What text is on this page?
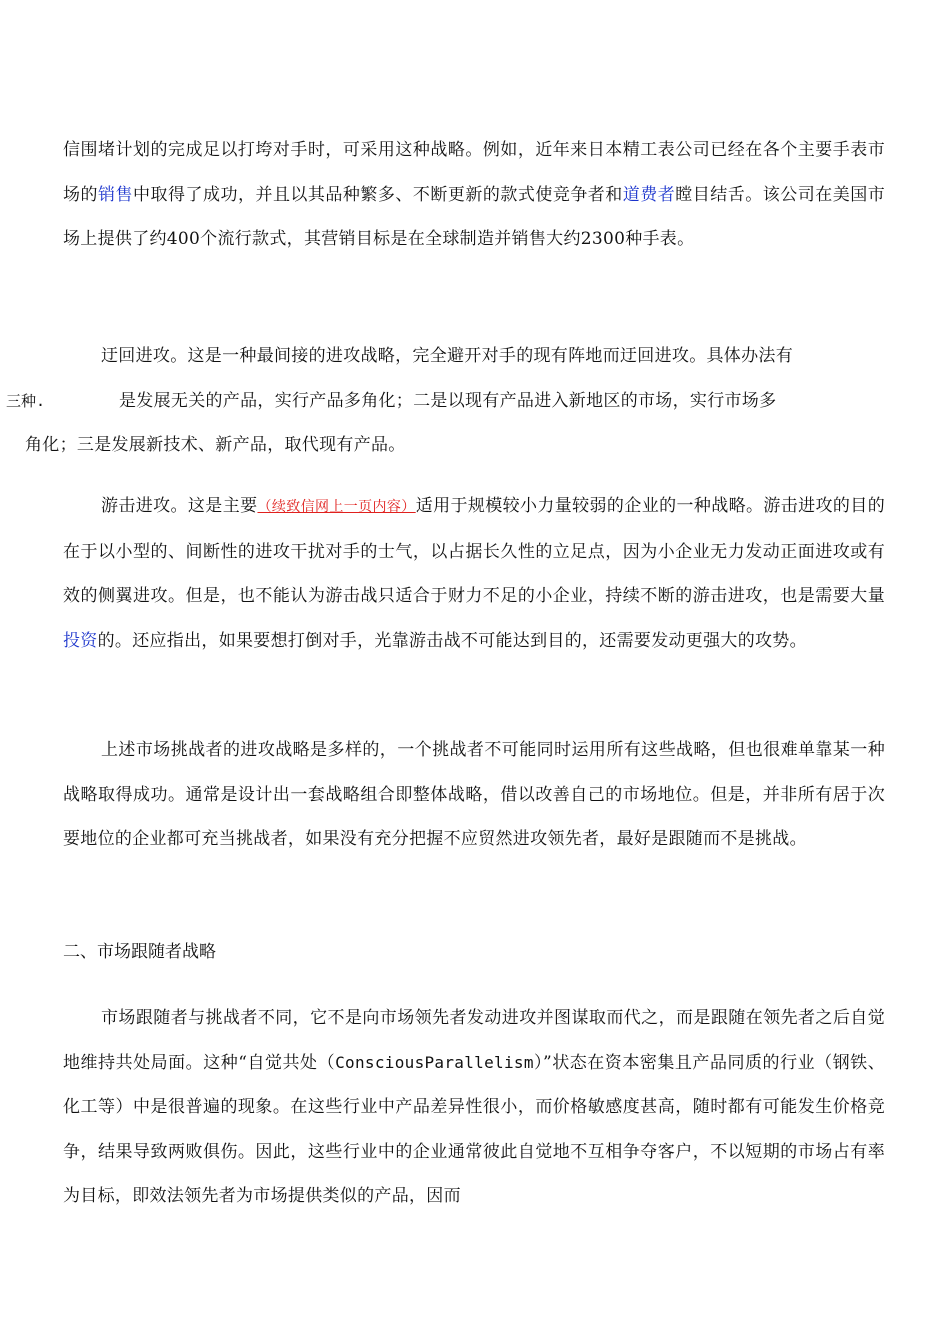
信围堵计划的完成足以打垮对手时，可采用这种战略。例如，近年来日本精工表公司已经在各个主要手表市场的销售中取得了成功，并且以其品种繁多、不断更新的款式使竞争者和道费者瞠目结舌。该公司在美国市场上提供了约400个流行款式，其营销目标是在全球制造并销售大约2300种手表。

迂回进攻。这是一种最间接的进攻战略，完全避开对手的现有阵地而迂回进攻。具体办法有
是发展无关的产品，实行产品多角化；二是以现有产品进入新地区的市场，实行市场多
角化；三是发展新技术、新产品，取代现有产品。

三种.

游击进攻。这是主要（续致信网上一页内容）适用于规模较小力量较弱的企业的一种战略。游击进攻的目的在于以小型的、间断性的进攻干扰对手的士气，以占据长久性的立足点，因为小企业无力发动正面进攻或有效的侧翼进攻。但是，也不能认为游击战只适合于财力不足的小企业，持续不断的游击进攻，也是需要大量投资的。还应指出，如果要想打倒对手，光靠游击战不可能达到目的，还需要发动更强大的攻势。

上述市场挑战者的进攻战略是多样的，一个挑战者不可能同时运用所有这些战略，但也很难单靠某一种战略取得成功。通常是设计出一套战略组合即整体战略，借以改善自己的市场地位。但是，并非所有居于次要地位的企业都可充当挑战者，如果没有充分把握不应贸然进攻领先者，最好是跟随而不是挑战。

二、市场跟随者战略

市场跟随者与挑战者不同，它不是向市场领先者发动进攻并图谋取而代之，而是跟随在领先者之后自觉地维持共处局面。这种“自觉共处（ConsciousParallelism）”状态在资本密集且产品同质的行业（钢铁、化工等）中是很普遍的现象。在这些行业中产品差异性很小，而价格敏感度甚高，随时都有可能发生价格竞争，结果导致两败俱伤。因此，这些行业中的企业通常彼此自觉地不互相争夺客户，不以短期的市场占有率为目标，即效法领先者为市场提供类似的产品，因而
